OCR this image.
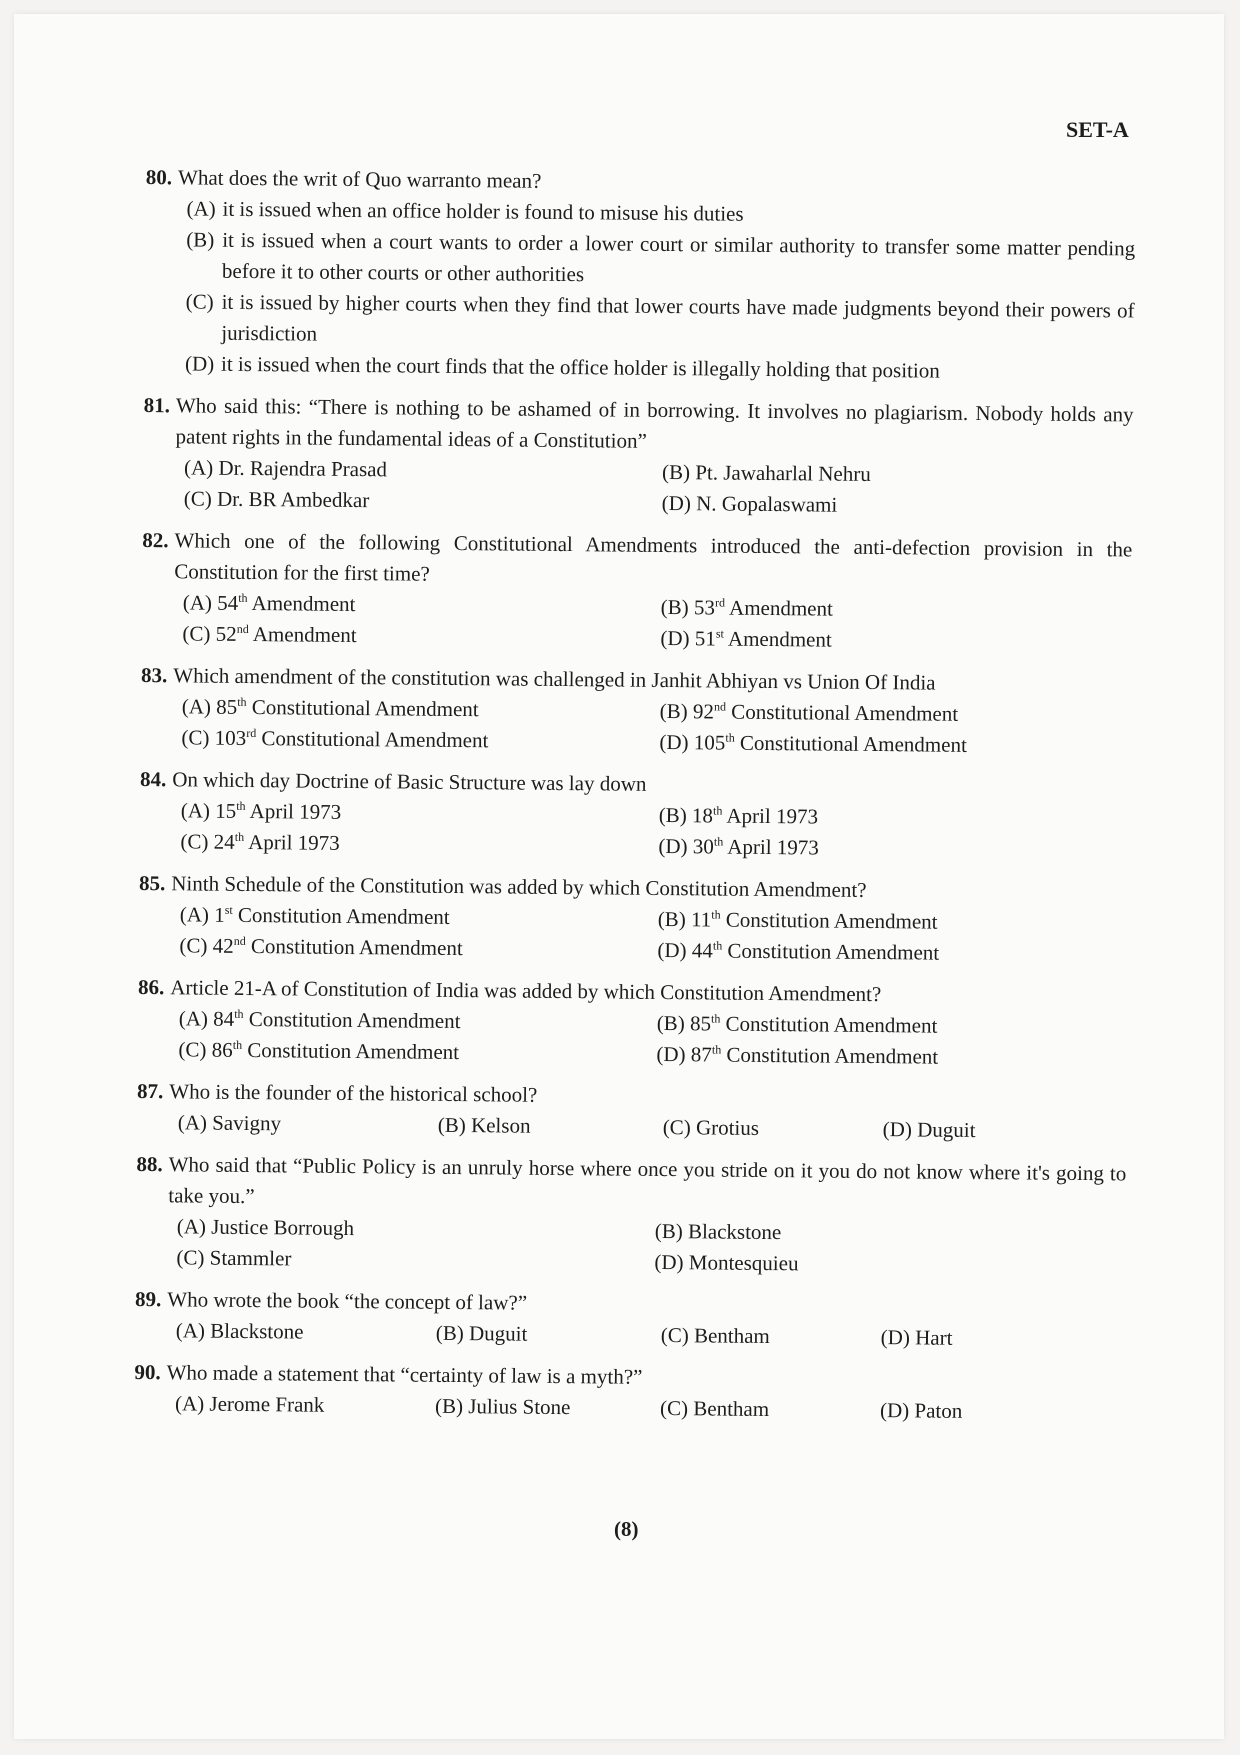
SET-A
80. What does the writ of Quo warranto mean?
(A) it is issued when an office holder is found to misuse his duties
(B) it is issued when a court wants to order a lower court or similar authority to transfer some matter pending before it to other courts or other authorities
(C) it is issued by higher courts when they find that lower courts have made judgments beyond their powers of jurisdiction
(D) it is issued when the court finds that the office holder is illegally holding that position
81. Who said this: “There is nothing to be ashamed of in borrowing. It involves no plagiarism. Nobody holds any patent rights in the fundamental ideas of a Constitution”
(A) Dr. Rajendra Prasad	(B) Pt. Jawaharlal Nehru
(C) Dr. BR Ambedkar	(D) N. Gopalaswami
82. Which one of the following Constitutional Amendments introduced the anti-defection provision in the Constitution for the first time?
(A) 54th Amendment	(B) 53rd Amendment
(C) 52nd Amendment	(D) 51st Amendment
83. Which amendment of the constitution was challenged in Janhit Abhiyan vs Union Of India
(A) 85th Constitutional Amendment	(B) 92nd Constitutional Amendment
(C) 103rd Constitutional Amendment	(D) 105th Constitutional Amendment
84. On which day Doctrine of Basic Structure was lay down
(A) 15th April 1973	(B) 18th April 1973
(C) 24th April 1973	(D) 30th April 1973
85. Ninth Schedule of the Constitution was added by which Constitution Amendment?
(A) 1st Constitution Amendment	(B) 11th Constitution Amendment
(C) 42nd Constitution Amendment	(D) 44th Constitution Amendment
86. Article 21-A of Constitution of India was added by which Constitution Amendment?
(A) 84th Constitution Amendment	(B) 85th Constitution Amendment
(C) 86th Constitution Amendment	(D) 87th Constitution Amendment
87. Who is the founder of the historical school?
(A) Savigny	(B) Kelson	(C) Grotius	(D) Duguit
88. Who said that “Public Policy is an unruly horse where once you stride on it you do not know where it's going to take you.”
(A) Justice Borrough	(B) Blackstone
(C) Stammler	(D) Montesquieu
89. Who wrote the book “the concept of law?”
(A) Blackstone	(B) Duguit	(C) Bentham	(D) Hart
90. Who made a statement that “certainty of law is a myth?”
(A) Jerome Frank	(B) Julius Stone	(C) Bentham	(D) Paton
(8)
